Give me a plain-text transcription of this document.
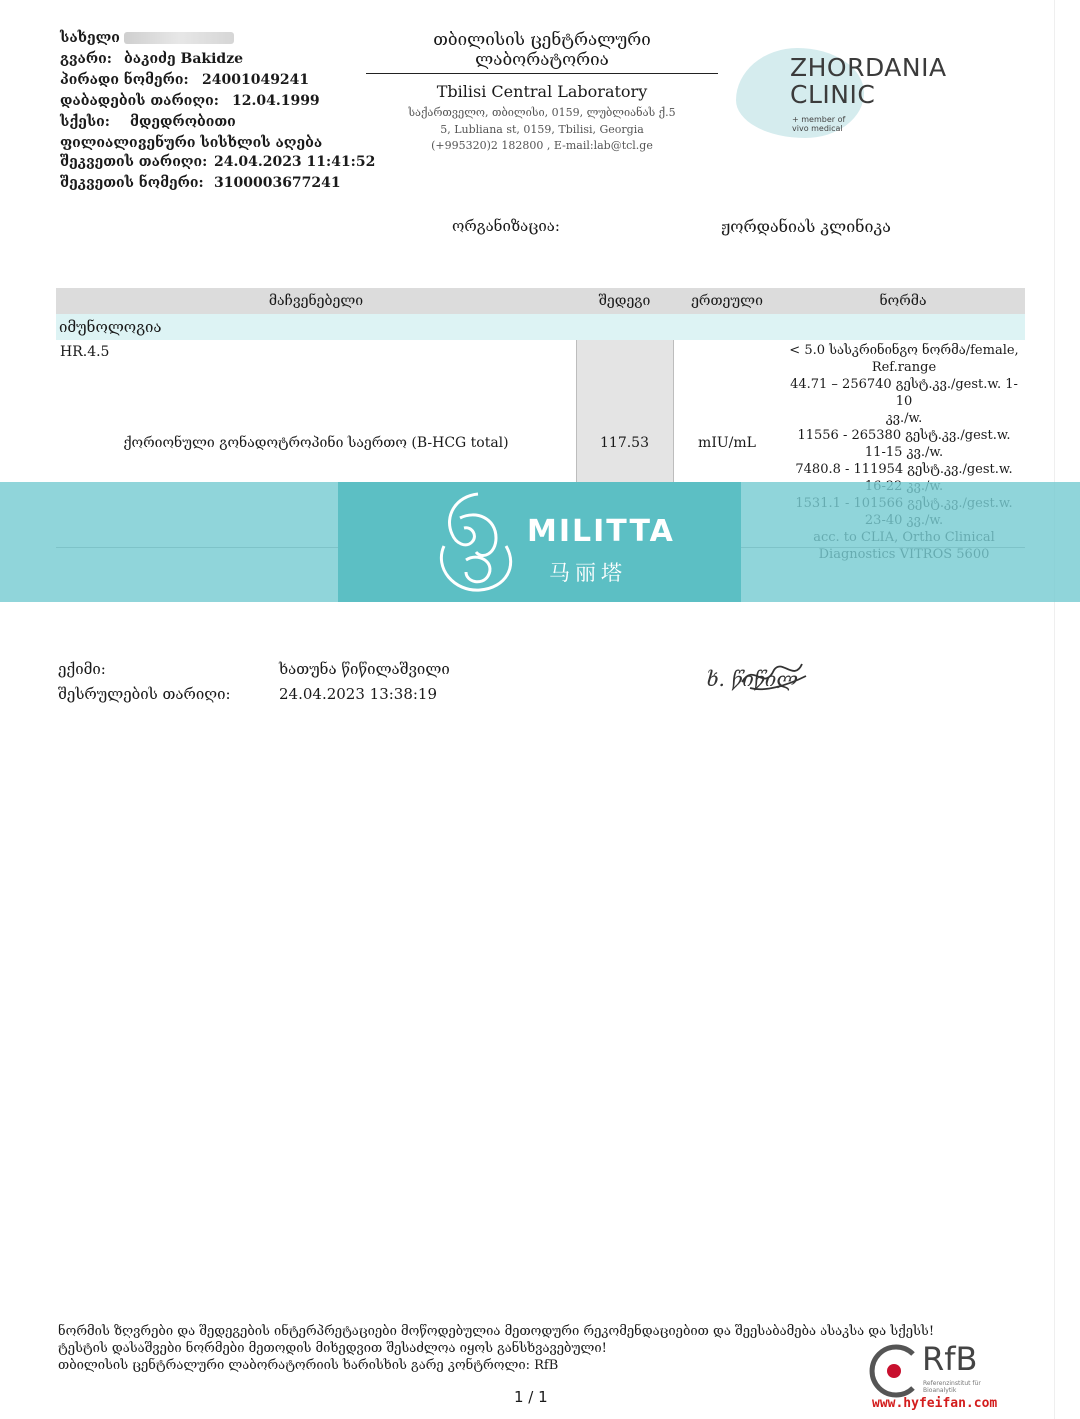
სახელი
გვარი: ბაკიძე Bakidze
პირადი ნომერი: 24001049241
დაბადების თარიღი: 12.04.1999
სქესი: მდედრობითი
ფილიალი:
ვენური სისხლის აღება
შეკვეთის თარიღი: 24.04.2023 11:41:52
შეკვეთის ნომერი: 3100003677241
თბილისის ცენტრალური ლაბორატორია
Tbilisi Central Laboratory
საქართველო, თბილისი, 0159, ლუბლიანას ქ.5
5, Lubliana st, 0159, Tbilisi, Georgia
(+995320)2 182800 , E-mail:lab@tcl.ge
ZHORDANIA
CLINIC
+ member of
vivo medical
ორგანიზაცია:	ჟორდანიას კლინიკა
მაჩვენებელი	შედეგი	ერთეული	ნორმა
იმუნოლოგია
HR.4.5
ქორიონული გონადოტროპინი საერთო (B-HCG total)	117.53	mIU/mL
< 5.0 სასკრინინგო ნორმა/female,
Ref.range
44.71 – 256740 გესტ.კვ./gest.w. 1-10
კვ./w.
11556 - 265380 გესტ.კვ./gest.w.
11-15 კვ./w.
7480.8 - 111954 გესტ.კვ./gest.w.
MILITTA
马丽塔
ექიმი:	ხათუნა წიწილაშვილი
შესრულების თარიღი:	24.04.2023 13:38:19
ხ. წიწილ
ნორმის ზღვრები და შედეგების ინტერპრეტაციები მოწოდებულია მეთოდური რეკომენდაციებით და შეესაბამება ასაკსა და სქესს!
ტესტის დასაშვები ნორმები მეთოდის მიხედვით შესაძლოა იყოს განსხვავებული!
თბილისის ცენტრალური ლაბორატორიის ხარისხის გარე კონტროლი: RfB
1 / 1
RfB
Referenzinstitut für Bioanalytik
www.hyfeifan.com
